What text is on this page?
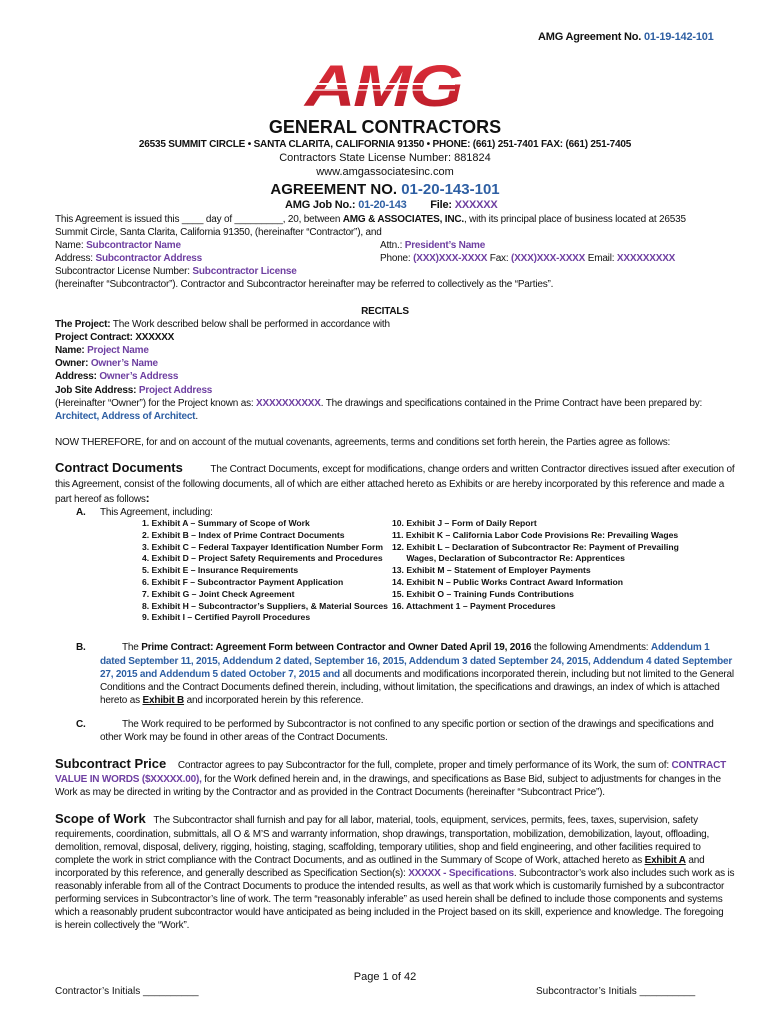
AMG Agreement No. 01-19-142-101
AMG
GENERAL CONTRACTORS
26535 SUMMIT CIRCLE • SANTA CLARITA, CALIFORNIA 91350 • PHONE: (661) 251-7401 FAX: (661) 251-7405
Contractors State License Number: 881824
www.amgassociatesinc.com
AGREEMENT NO. 01-20-143-101
AMG Job No.: 01-20-143 File: XXXXXX
This Agreement is issued this ____ day of _________, 20, between AMG & ASSOCIATES, INC., with its principal place of business located at 26535
Summit Circle, Santa Clarita, California 91350, (hereinafter “Contractor”), and
Name: Subcontractor Name	Attn.: President’s Name
Address: Subcontractor Address	Phone: (XXX)XXX-XXXX Fax: (XXX)XXX-XXXX Email: XXXXXXXXX
Subcontractor License Number: Subcontractor License
(hereinafter “Subcontractor”). Contractor and Subcontractor hereinafter may be referred to collectively as the “Parties”.
RECITALS
The Project: The Work described below shall be performed in accordance with
Project Contract: XXXXXX
Name: Project Name
Owner: Owner’s Name
Address: Owner’s Address
Job Site Address: Project Address
(Hereinafter “Owner”) for the Project known as: XXXXXXXXXX. The drawings and specifications contained in the Prime Contract have been prepared by:
Architect, Address of Architect.
NOW THEREFORE, for and on account of the mutual covenants, agreements, terms and conditions set forth herein, the Parties agree as follows:
Contract Documents	The Contract Documents, except for modifications, change orders and written Contractor directives issued after execution of
this Agreement, consist of the following documents, all of which are either attached hereto as Exhibits or are hereby incorporated by this reference and made a
part hereof as follows:
A. This Agreement, including:
1. Exhibit A – Summary of Scope of Work
2. Exhibit B – Index of Prime Contract Documents
3. Exhibit C – Federal Taxpayer Identification Number Form
4. Exhibit D – Project Safety Requirements and Procedures
5. Exhibit E – Insurance Requirements
6. Exhibit F – Subcontractor Payment Application
7. Exhibit G – Joint Check Agreement
8. Exhibit H – Subcontractor’s Suppliers, & Material Sources
9. Exhibit I – Certified Payroll Procedures
10. Exhibit J – Form of Daily Report
11. Exhibit K – California Labor Code Provisions Re: Prevailing Wages
12. Exhibit L – Declaration of Subcontractor Re: Payment of Prevailing
Wages, Declaration of Subcontractor Re: Apprentices
13. Exhibit M – Statement of Employer Payments
14. Exhibit N – Public Works Contract Award Information
15. Exhibit O – Training Funds Contributions
16. Attachment 1 – Payment Procedures
B.	The Prime Contract: Agreement Form between Contractor and Owner Dated April 19, 2016 the following Amendments: Addendum 1
dated September 11, 2015, Addendum 2 dated, September 16, 2015, Addendum 3 dated September 24, 2015, Addendum 4 dated September
27, 2015 and Addendum 5 dated October 7, 2015 and all documents and modifications incorporated therein, including but not limited to the General
Conditions and the Contract Documents defined therein, including, without limitation, the specifications and drawings, an index of which is attached
hereto as Exhibit B and incorporated herein by this reference.
C.	The Work required to be performed by Subcontractor is not confined to any specific portion or section of the drawings and specifications and
other Work may be found in other areas of the Contract Documents.
Subcontract Price Contractor agrees to pay Subcontractor for the full, complete, proper and timely performance of its Work, the sum of: CONTRACT
VALUE IN WORDS ($XXXXX.00), for the Work defined herein and, in the drawings, and specifications as Base Bid, subject to adjustments for changes in the
Work as may be directed in writing by the Contractor and as provided in the Contract Documents (hereinafter “Subcontract Price”).
Scope of Work The Subcontractor shall furnish and pay for all labor, material, tools, equipment, services, permits, fees, taxes, supervision, safety
requirements, coordination, submittals, all O & M’S and warranty information, shop drawings, transportation, mobilization, demobilization, layout, offloading,
demolition, removal, disposal, delivery, rigging, hoisting, staging, scaffolding, temporary utilities, shop and field engineering, and other facilities required to
complete the work in strict compliance with the Contract Documents, and as outlined in the Summary of Scope of Work, attached hereto as Exhibit A and
incorporated by this reference, and generally described as Specification Section(s): XXXXX - Specifications. Subcontractor’s work also includes such work as is
reasonably inferable from all of the Contract Documents to produce the intended results, as well as that work which is customarily furnished by a subcontractor
performing services in Subcontractor’s line of work. The term “reasonably inferable” as used herein shall be defined to include those components and systems
which a reasonably prudent subcontractor would have anticipated as being included in the Project based on its skill, experience and knowledge. The foregoing
is herein collectively the “Work”.
Page 1 of 42
Contractor’s Initials __________	Subcontractor’s Initials __________
